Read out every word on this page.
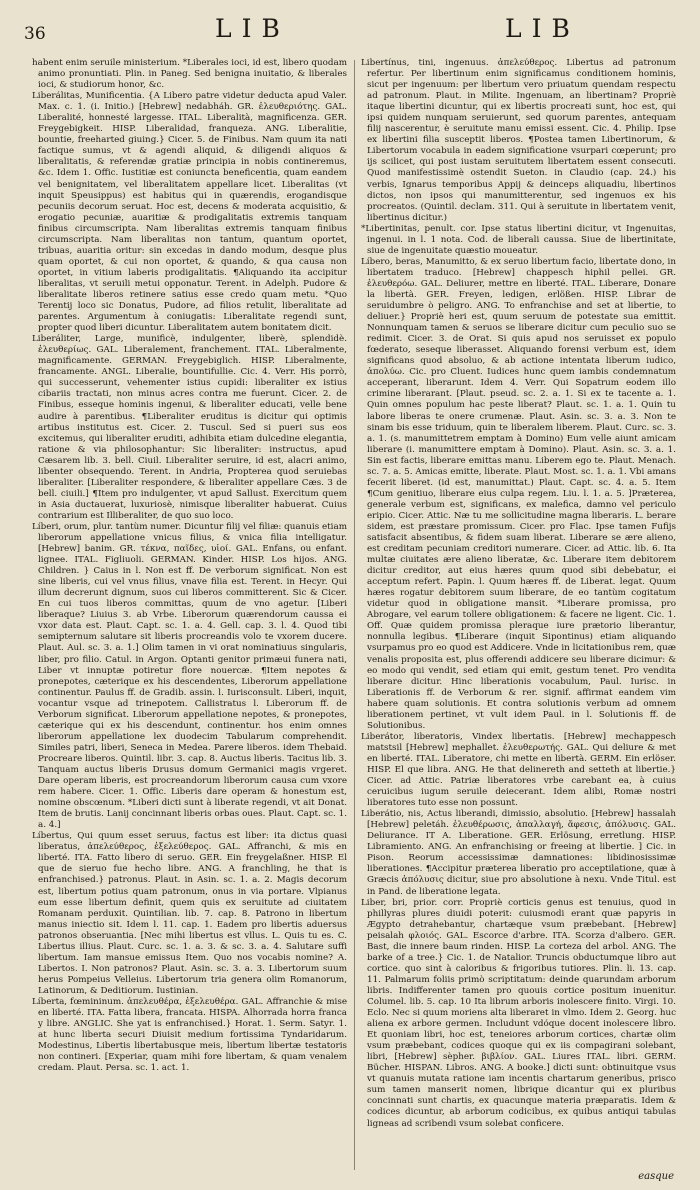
36	LIB	LIB

habent enim seruile ministerium. *Liberales ioci, id est, libero quodam animo pronuntiati. Plin. in Paneg. Sed benigna inuitatio, & liberales ioci, & studiorum honor, &c.

Liberálitas, Munificentia. {A Libero patre videtur deducta apud Valer. Max. c. 1. (i. Initio.) [Hebrew] nedabháh. GR. ἐλευθεριότης. GAL. Liberalité, honnesté largesse. ITAL. Liberalità, magnificenza. GER. Freygebigkeit. HISP. Liberalidad, franqueza. ANG. Liberalitie, bountie, freeharted giuing.} Cicer. 5. de Finibus. Nam quum ita nati factique sumus, vt & agendi aliquid, & diligendi aliquos & liberalitatis, & referendæ gratiæ principia in nobis contineremus, &c. Idem 1. Offic. Iustitiæ est coniuncta beneficentia, quam eandem vel benignitatem, vel liberalitatem appellare licet. Liberalitas (vt inquit Speusippus) est habitus qui in quærendis, erogandisque pecuniis decorum seruat. Hoc est, decens & moderata acquisitio, & erogatio pecuniæ, auaritiæ & prodigalitatis extremis tanquam finibus circumscripta. Nam liberalitas extremis tanquam finibus circumscripta. Nam liberalitas non tantum, quantum oportet, tribuas, auaritia oritur: sin excedas in dando modum, desque plus quam oportet, & cui non oportet, & quando, & qua causa non oportet, in vitium laberis prodigalitatis. ¶Aliquando ita accipitur liberalitas, vt seruili metui opponatur. Terent. in Adelph. Pudore & liberalitate liberos retinere satius esse credo quam metu. *Quo Terentij loco sic Donatus, Pudore, ad filios retulit, liberalitate ad parentes. Argumentum à coniugatis: Liberalitate regendi sunt, propter quod liberi dicuntur. Liberalitatem autem bonitatem dicit.

Liberáliter, Large, munificè, indulgenter, liberè, splendidè. ἐλευθερίως. GAL. Liberalement, franchement. ITAL. Liberalmente, magnificamente. GERMAN. Freygebiglich. HISP. Liberalmente, francamente. ANGL. Liberalie, bountifullie. Cic. 4. Verr. His porrò, qui successerunt, vehementer istius cupidi: liberaliter ex istius cibariis tractati, non minus acres contra me fuerunt. Cicer. 2. de Finibus, esseque hominis ingenui, & liberaliter educati, velle bene audire à parentibus. ¶Liberaliter eruditus is dicitur qui optimis artibus institutus est. Cicer. 2. Tuscul. Sed si pueri sus eos excitemus, qui liberaliter eruditi, adhibita etiam dulcedine elegantia, ratione & via philosophantur: Sic liberaliter: instructus, apud Cæsarem lib. 3. bell. Ciuil. Liberaliter seruire, id est, alacri animo, libenter obsequendo. Terent. in Andria, Propterea quod seruiebas liberaliter. [Liberaliter respondere, & liberaliter appellare Cæs. 3 de bell. ciuili.] ¶Item pro indulgenter, vt apud Sallust. Exercitum quem in Asia ductauerat, luxuriosè, nimisque liberaliter habuerat. Cuius contrarium est Illiberaliter, de quo suo loco.

Líberi, orum, plur. tantùm numer. Dicuntur filij vel filiæ: quanuis etiam liberorum appellatione vnicus filius, & vnica filia intelligatur. [Hebrew] banim. GR. τέκνα, παῖδες, υἱοί. GAL. Enfans, ou enfant. lignee. ITAL. Figliuoli. GERMAN. Kinder. HISP. Los hijos. ANG. Children. } Caius in l. Non est ff. De verborum significat. Non est sine liberis, cui vel vnus filius, vnave filia est. Terent. in Hecyr. Qui illum decrerunt dignum, suos cui liberos committerent. Sic & Cicer. En cui tuos liberos committas, quum de vno agetur. [Liberi liberaque? Liuius 3. ab Vrbe. Liberorum quærendorum caussa ei vxor data est. Plaut. Capt. sc. 1. a. 4. Gell. cap. 3. l. 4. Quod tibi semipternum salutare sit liberis procreandis volo te vxorem ducere. Plaut. Aul. sc. 3. a. 1.] Olim tamen in vi orat nominatiuus singularis, liber, pro filio. Catul. in Argon. Optanti genitor primæui funera nati, Liber vt innuptæ potiretur flore nouercæ. ¶Item nepotes & pronepotes, cæterique ex his descendentes, Liberorum appellatione continentur. Paulus ff. de Gradib. assin. l. Iurisconsult. Liberi, inquit, vocantur vsque ad trinepotem. Callistratus l. Liberorum ff. de Verborum significat. Liberorum appellatione nepotes, & pronepotes, cæterique qui ex his descendunt, continentur. hos enim omnes liberorum appellatione lex duodecim Tabularum comprehendit. Similes patri, liberi, Seneca in Medea. Parere liberos. idem Thebaid. Procreare liberos. Quintil. libr. 3. cap. 8. Auctus liberis. Tacitus lib. 3. Tanquam auctus liberis Drusus domum Germanici magis vrgeret. Dare operam liberis, est procreandorum liberorum causa cum vxore rem habere. Cicer. 1. Offic. Liberis dare operam & honestum est, nomine obscœnum. *Liberi dicti sunt à liberate regendi, vt ait Donat. Item de brutis. Lanij concinnant liberis orbas oues. Plaut. Capt. sc. 1. a. 4.]

Líbertus, Qui quum esset seruus, factus est liber: ita dictus quasi liberatus, ἀπελεύθερος, ἐξελεύθερος. GAL. Affranchi, & mis en liberté. ITA. Fatto libero di seruo. GER. Ein freygelaßner. HISP. El que de sieruo fue hecho libre. ANG. A franchling, he that is enfranchised.} patronus. Plaut. in Asin. sc. 1. a. 2. Magis decorum est, libertum potius quam patronum, onus in via portare. Vlpianus eum esse libertum definit, quem quis ex seruitute ad ciuitatem Romanam perduxit. Quintilian. lib. 7. cap. 8. Patrono in libertum manus iniectio sit. Idem l. 11. cap. 1. Eadem pro libertis aduersus patronos obseruantia. [Nec mihi libertus est vllus. L. Quis tu es. C. Libertus illius. Plaut. Curc. sc. 1. a. 3. & sc. 3. a. 4. Salutare suffi libertum. Iam mansue emissus Item. Quo nos vocabis nomine? A. Libertos. I. Non patronos? Plaut. Asin. sc. 3. a. 3. Libertorum suum herus Pompeius Velleius. Libertorum tria genera olim Romanorum, Latinorum, & Deditiorum. Iustinian.

Líberta, fœmininum. ἀπελευθέρα, ἐξελευθέρα. GAL. Affranchie & mise en liberté. ITA. Fatta libera, francata. HISPA. Alhorrada horra franca y libre. ANGLIC. She yat is enfranchised.} Horat. 1. Serm. Satyr. 1. at hunc liberta securi Diuisit medium fortissima Tyndaridarum. Modestinus, Libertis libertabusque meis, libertum libertæ testatoris non contineri. [Experiar, quam mihi fore libertam, & quam venalem credam. Plaut. Persa. sc. 1. act. 1.

Libertínus, tini, ingenuus. ἀπελεύθερος. Libertus ad patronum refertur. Per libertinum enim significamus conditionem hominis, sicut per ingenuum: per libertum vero priuatum quendam respectu ad patronum. Plaut. in Milite. Ingenuam, an libertinam? Propriè itaque libertini dicuntur, qui ex libertis procreati sunt, hoc est, qui ipsi quidem nunquam seruierunt, sed quorum parentes, antequam filij nascerentur, è seruitute manu emissi essent. Cic. 4. Philip. Ipse ex libertini filia susceptit liberos. ¶Postea tamen Libertinorum, & Libertorum vocabula in eadem significatione vsurpari cœperunt; pro ijs scilicet, qui post iustam seruitutem libertatem essent consecuti. Quod manifestissimè ostendit Sueton. in Claudio (cap. 24.) his verbis, Ignarus temporibus Appij & deinceps aliquadiu, libertinos dictos, non ipsos qui manumitterentur, sed ingenuos ex his procreatos. (Quintil. declam. 311. Qui à seruitute in libertatem venit, libertinus dicitur.)

*Libertinitas, penult. cor. Ipse status libertini dicitur, vt Ingenuitas, ingenui. in l. 1 nota. Cod. de liberali caussa. Siue de libertinitate, siue de ingenuitate quæstio moueatur.

Líbero, beras, Manumitto, & ex seruo libertum facio, libertate dono, in libertatem traduco. [Hebrew] chappesch hiphil pellei. GR. ἐλευθερόω. GAL. Deliurer, mettre en liberté. ITAL. Liberare, Donare la libertà. GER. Freyen, ledigen, erlößen. HISP. Librar de seruidumbre ò peligro. ANG. To enfranchise and set at libertie, to deliuer.} Propriè heri est, quum seruum de potestate sua emittit. Nonnunquam tamen & seruos se liberare dicitur cum peculio suo se redimit. Cicer. 3. de Orat. Si quis apud nos seruisset ex populo fœderato, seseque liberasset. Aliquando forensi verbum est, idem significans quod absoluo, & ab actione intentata liberum iudico, ἀπολύω. Cic. pro Cluent. Iudices hunc quem iambis condemnatum acceperant, liberarunt. Idem 4. Verr. Qui Sopatrum eodem illo crimine liberarant. [Plaut. pseud. sc. 2. a. 1. Si ex te tacente a. 1. Quin omnes populum hac peste liberat? Plaut. sc. 1. a. 1. Quin tu labore liberas te onere crumenæ. Plaut. Asin. sc. 3. a. 3. Non te sinam bis esse triduum, quin te liberalem liberem. Plaut. Curc. sc. 3. a. 1. (s. manumittetrem emptam à Domino) Eum velle aiunt amicam liberare (i. manumittere emptam à Domino). Plaut. Asin. sc. 3. a. 1. Sin est factis, liberare emittas manu. Liberem ego te. Plaut. Menach. sc. 7. a. 5. Amicas emitte, liberate. Plaut. Most. sc. 1. a. 1. Vbi amans fecerit liberet. (id est, manumittat.) Plaut. Capt. sc. 4. a. 5. Item ¶Cum genitiuo, liberare eius culpa regem. Liu. l. 1. a. 5. ]Præterea, generale verbum est, significans, ex malefica, damno vel periculo eripio. Cicer. Attic. Næ tu me sollicitudine magna liberaris. L. berare sidem, est præstare promissum. Cicer. pro Flac. Ipse tamen Fufijs satisfacit absentibus, & fidem suam liberat. Liberare se ære alieno, est creditam pecuniam creditori numerare. Cicer. ad Attic. lib. 6. Ita multæ ciuitates ære alieno liberatæ, &c. Liberare item debitorem dicitur creditor, aut eius hæres quum quod sibi debebatur, ei acceptum refert. Papin. l. Quum hæres ff. de Liberat. legat. Quum hæres rogatur debitorem suum liberare, de eo tantùm cogitatum videtur quod in obligatione mansit. *Liberare promissa, pro Abrogare, vel earum tollere obligationem: & facere ne ligent. Cic. 1. Off. Quæ quidem promissa pleraque iure prætorio liberantur, nonnulla legibus. ¶Liberare (inquit Sipontinus) etiam aliquando vsurpamus pro eo quod est Addicere. Vnde in licitationibus rem, quæ venalis proposita est, plus offerendi addicere seu liberare dicimur: & eo modo qui vendit, sed etiam qui emit, gestum tenet. Pro vendita liberare dicitur. Hinc liberationis vocabulum, Paul. Iurisc. in Liberationis ff. de Verborum & rer. signif. affirmat eandem vim habere quam solutionis. Et contra solutionis verbum ad omnem liberationem pertinet, vt vult idem Paul. in l. Solutionis ff. de Solutionibus.

Liberátor, liberatoris, Vindex libertatis. [Hebrew] mechappesch matstsil [Hebrew] mephallet. ἐλευθερωτής. GAL. Qui deliure & met en liberté. ITAL. Liberatore, chi mette en libertà. GERM. Ein erlöser. HISP. El que libra. ANG. He that delinereth and setteth at libertie.} Cicer. ad Attic. Patriæ liberatores vrbe carebant ea, à cuius ceruicibus iugum seruile deiecerant. Idem alibi, Romæ nostri liberatores tuto esse non possunt.

Liberátio, nis, Actus liberandi, dimissio, absolutio. [Hebrew] hassalah [Hebrew] peletáh. ἐλευθέρωσις, ἀπαλλαγή, ἄφεσις, ἀπόλυσις. GAL. Deliurance. IT A. Liberatione. GER. Erlösung, erretlung. HISP. Libramiento. ANG. An enfranchising or freeing at libertie. ] Cic. in Pison. Reorum accessissimæ damnationes: libidinosissimæ liberationes. ¶Accipitur præterea liberatio pro acceptilatione, quæ à Græcis ἀπόλυσις dicitur, siue pro absolutione à nexu. Vnde Titul. est in Pand. de liberatione legata.

Liber, bri, prior. corr. Propriè corticis genus est tenuius, quod in phillyras plures diuidi poterit: cuiusmodi erant quæ papyris in Ægypto detrahebantur, chartæque vsum præbebant. [Hebrew] peisalah φλοιός. GAL. Escorce d'arbre. ITA. Scorza d'albero. GER. Bast, die innere baum rinden. HISP. La corteza del arbol. ANG. The barke of a tree.} Cic. 1. de Natalior. Truncis obductumque libro aut cortice. quo sint à caloribus & frigoribus tutiores. Plin. li. 13. cap. 11. Palmarum foliis primò scriptitatum: deinde quarundam arborum libris. Indifferenter tamen pro quouis cortice positum inuenitur. Columel. lib. 5. cap. 10 Ita librum arboris inolescere finito. Virgi. 10. Eclo. Nec si quum moriens alta liberaret in vlmo. Idem 2. Georg. huc aliena ex arbore germen. Includunt vdóque docent inolescere libro. Et quoniam libri, hoc est, teneiores arborum cortices, chartæ olim vsum præbebant, codices quoque qui ex iis compagirani solebant, libri, [Hebrew] sèpher. βιβλίον. GAL. Liures ITAL. libri. GERM. Bücher. HISPAN. Libros. ANG. A booke.] dicti sunt: obtinuitque vsus vt quanuis mutata ratione iam incentis chartarum generibus, prisco sum tamen manserit nomen, librique dicantur qui ex pluribus concinnati sunt chartis, ex quacunque materia præparatis. Idem & codices dicuntur, ab arborum codicibus, ex quibus antiqui tabulas ligneas ad scribendi vsum solebat conficere.

easque
